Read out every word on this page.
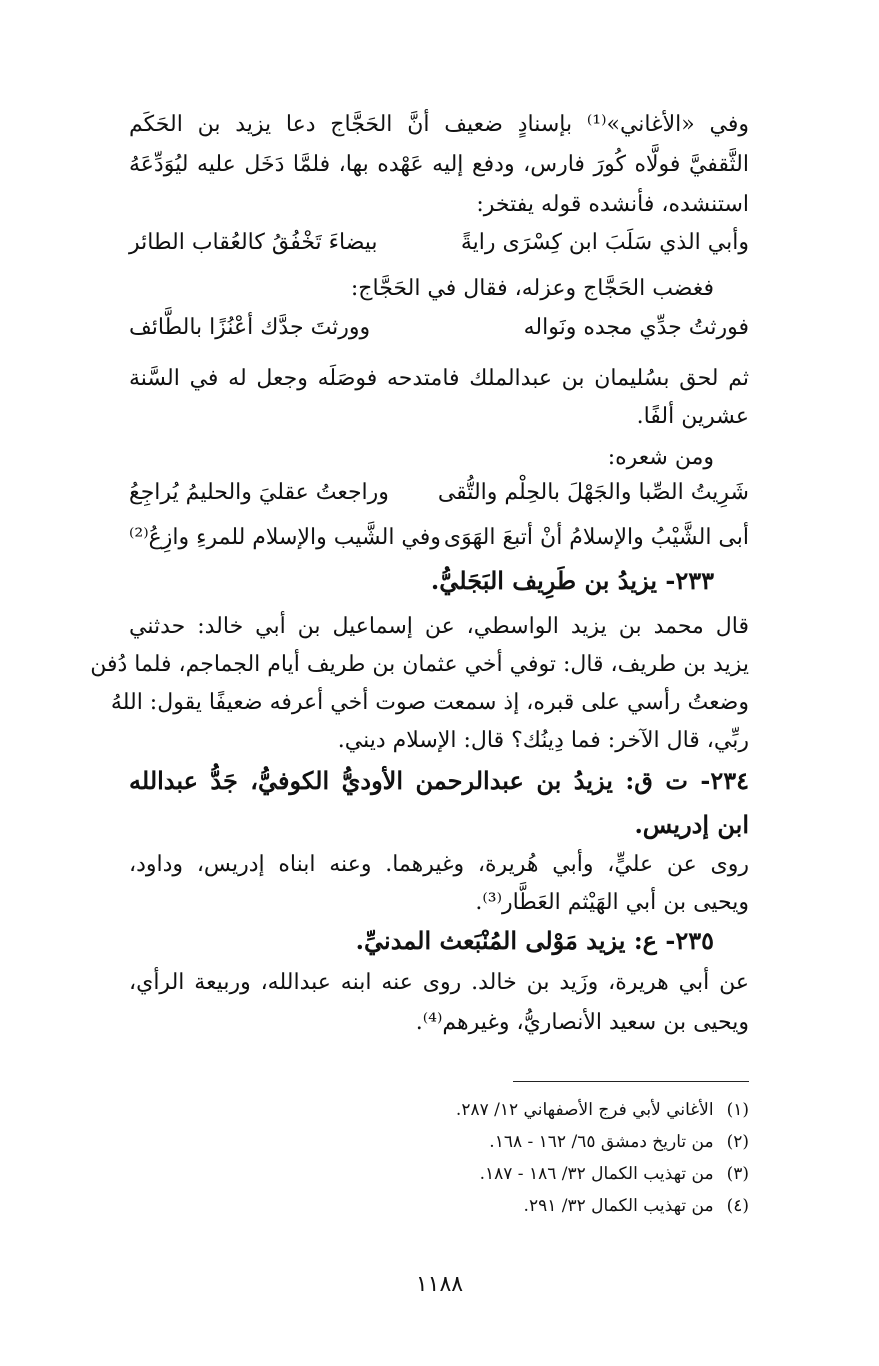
وفي «الأغاني»⁽¹⁾ بإسنادٍ ضعيف أنَّ الحَجَّاج دعا يزيد بن الحَكَم
الثَّقفيَّ فولَّاه كُورَ فارس، ودفع إليه عَهْده بها، فلمَّا دَخَل عليه ليُوَدِّعَهُ
استنشده، فأنشده قوله يفتخر:
وأبي الذي سَلَبَ ابن كِسْرَى رايةً
بيضاءَ تَخْفُقُ كالعُقاب الطائر
فغضب الحَجَّاج وعزله، فقال في الحَجَّاج:
فورثتُ جدِّي مجده ونَواله
وورثتَ جدَّك أعْنُزًا بالطَّائف
ثم لحق بسُليمان بن عبدالملك فامتدحه فوصَلَه وجعل له في السَّنة
عشرين ألفًا.
ومن شعره:
شَرِيتُ الصِّبا والجَهْلَ بالحِلْم والتُّقى
وراجعتُ عقليَ والحليمُ يُراجِعُ
أبى الشَّيْبُ والإسلامُ أنْ أتبعَ الهَوَى
وفي الشَّيب والإسلام للمرءِ وازِعُ⁽²⁾
٢٣٣- يزيدُ بن طَرِيف البَجَليُّ.
قال محمد بن يزيد الواسطي، عن إسماعيل بن أبي خالد: حدثني
يزيد بن طريف، قال: توفي أخي عثمان بن طريف أيام الجماجم، فلما دُفن
وضعتُ رأسي على قبره، إذ سمعت صوت أخي أعرفه ضعيفًا يقول: اللهُ
ربِّي، قال الآخر: فما دِينُك؟ قال: الإسلام ديني.
٢٣٤- ت ق: يزيدُ بن عبدالرحمن الأوديُّ الكوفيُّ، جَدُّ عبدالله
ابن إدريس.
روى عن عليٍّ، وأبي هُريرة، وغيرهما. وعنه ابناه إدريس، وداود،
ويحيى بن أبي الهَيْثم العَطَّار⁽³⁾.
٢٣٥- ع: يزيد مَوْلى المُنْبَعث المدنيِّ.
عن أبي هريرة، وزَيد بن خالد. روى عنه ابنه عبدالله، وربيعة الرأي،
ويحيى بن سعيد الأنصاريُّ، وغيرهم⁽⁴⁾.
(١) الأغاني لأبي فرج الأصفهاني ١٢/ ٢٨٧.
(٢) من تاريخ دمشق ٦٥/ ١٦٢ - ١٦٨.
(٣) من تهذيب الكمال ٣٢/ ١٨٦ - ١٨٧.
(٤) من تهذيب الكمال ٣٢/ ٢٩١.
١١٨٨
